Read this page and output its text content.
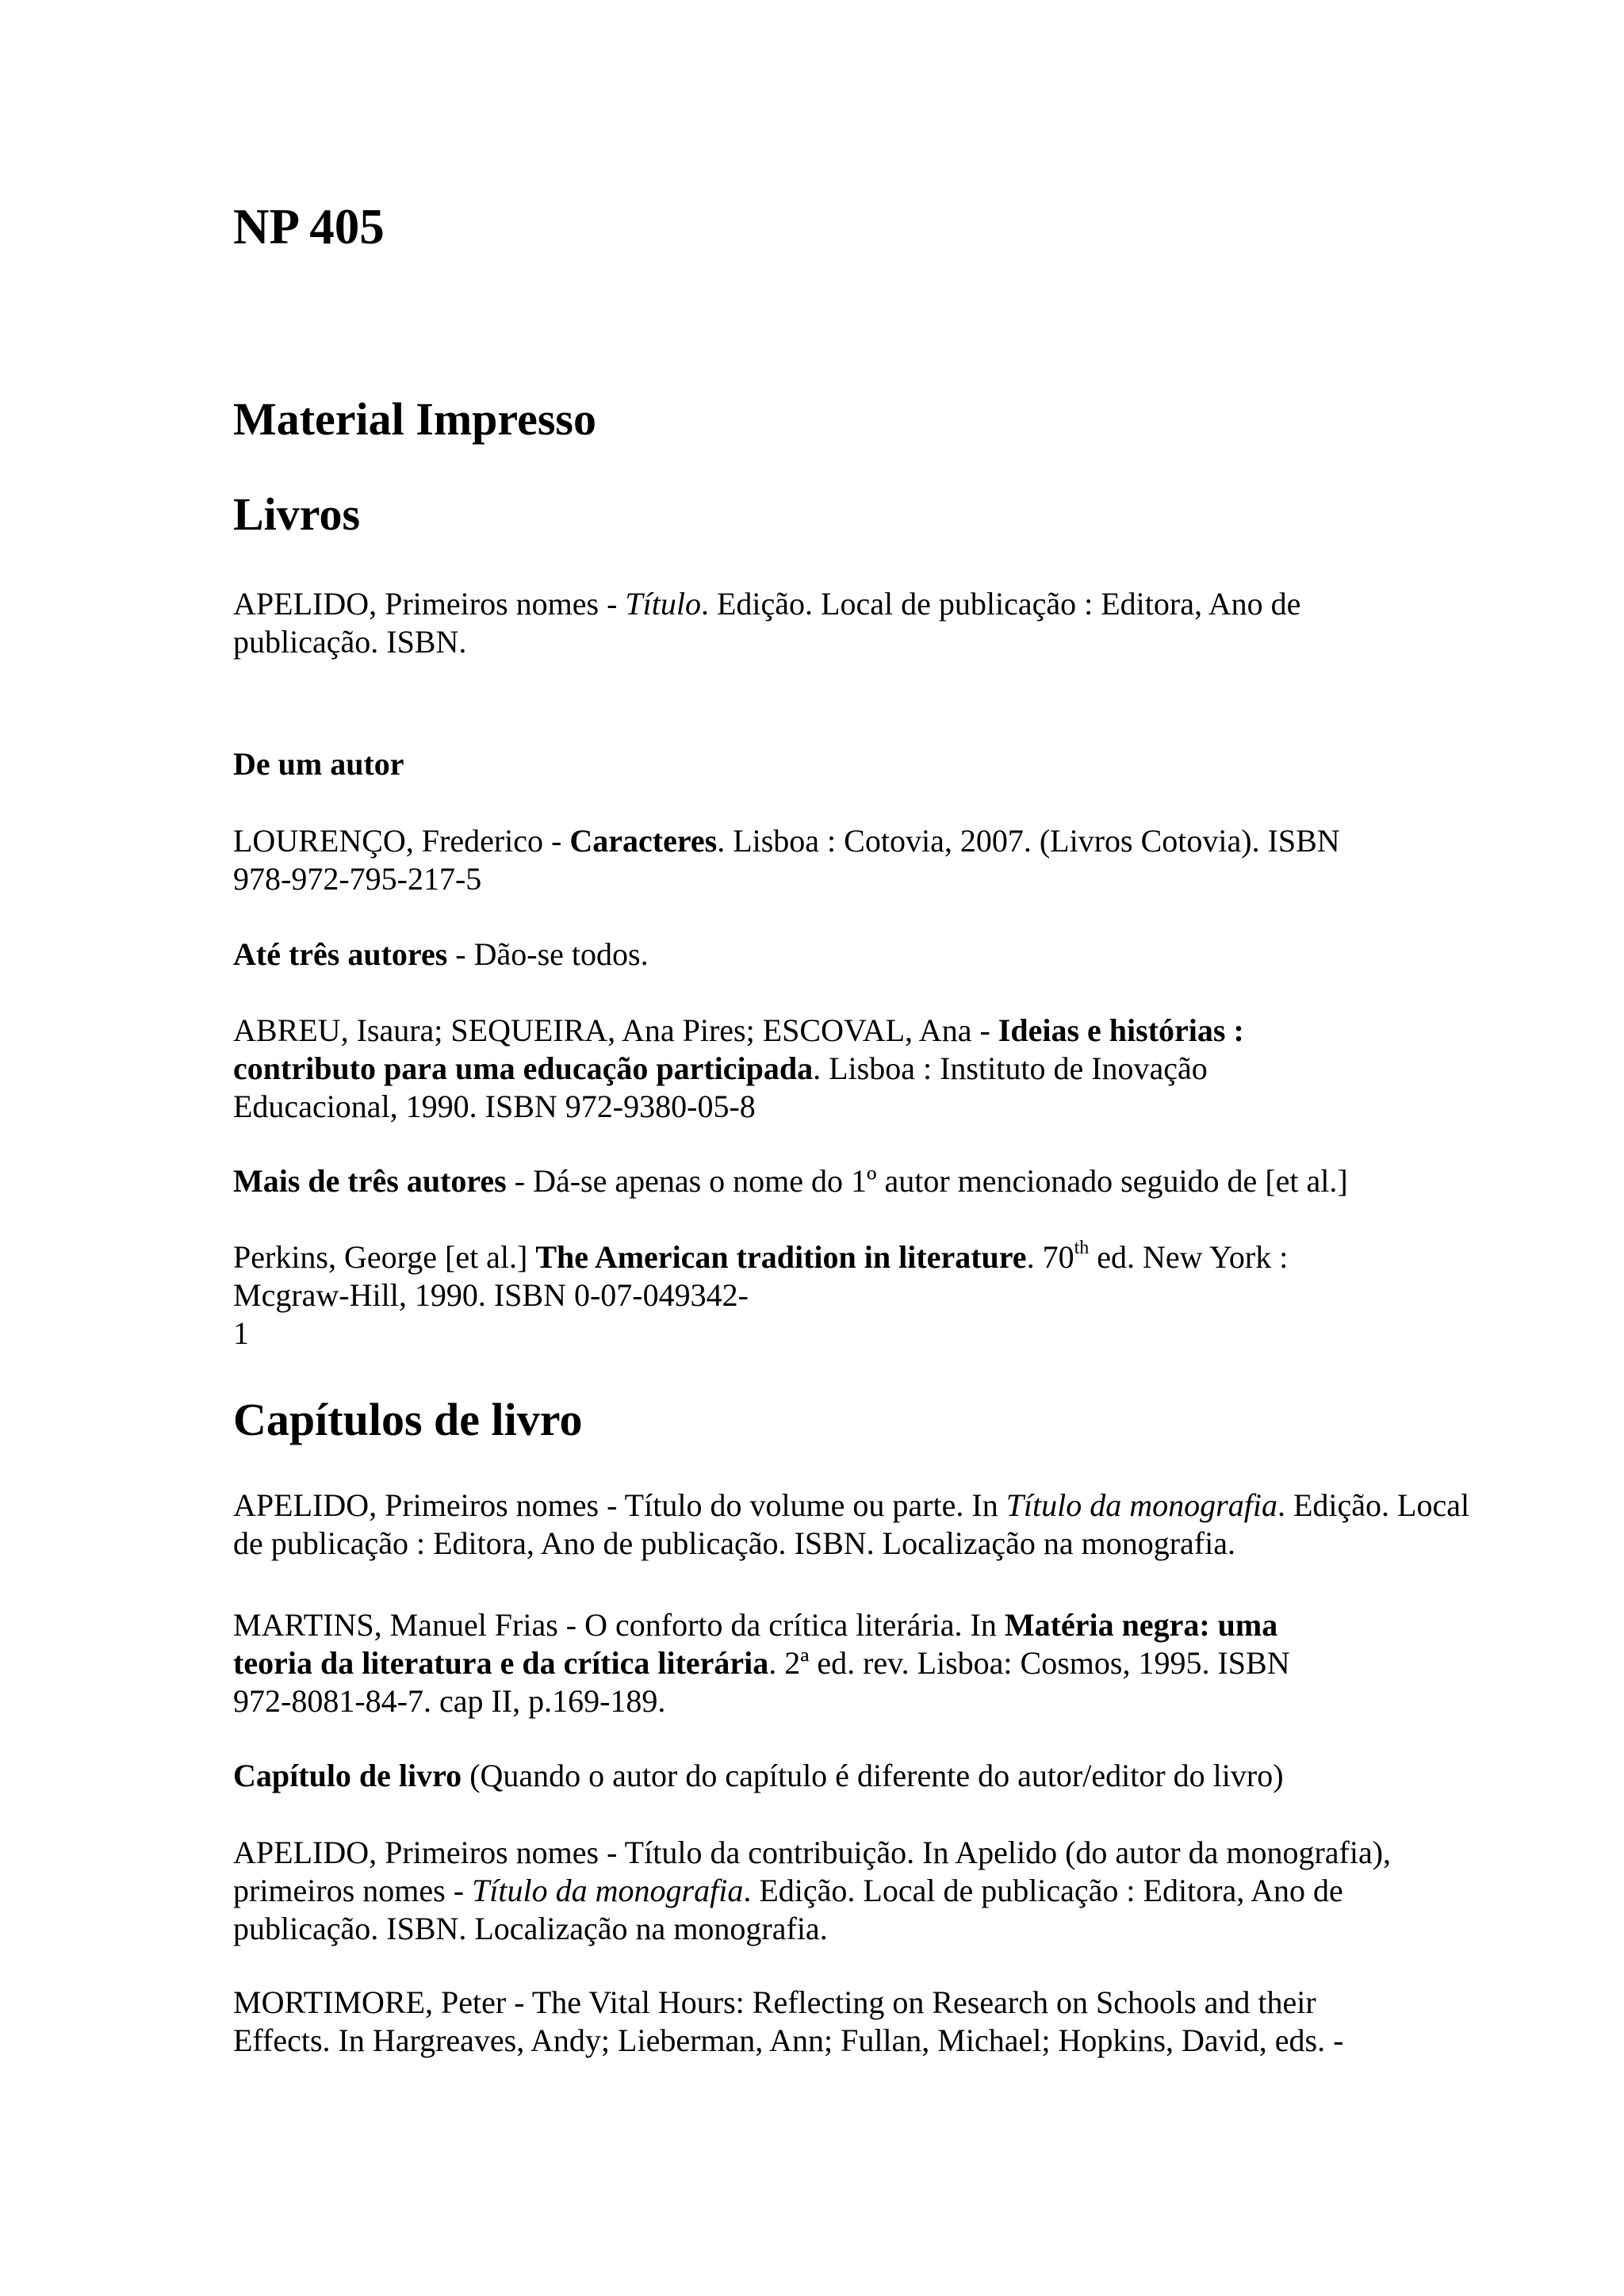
NP 405
Material Impresso
Livros
APELIDO, Primeiros nomes - Título. Edição. Local de publicação : Editora, Ano de
publicação. ISBN.
De um autor
LOURENÇO, Frederico - Caracteres. Lisboa : Cotovia, 2007. (Livros Cotovia). ISBN
978-972-795-217-5
Até três autores - Dão-se todos.
ABREU, Isaura; SEQUEIRA, Ana Pires; ESCOVAL, Ana - Ideias e histórias :
contributo para uma educação participada. Lisboa : Instituto de Inovação
Educacional, 1990. ISBN 972-9380-05-8
Mais de três autores - Dá-se apenas o nome do 1º autor mencionado seguido de [et al.]
Perkins, George [et al.] The American tradition in literature. 70th ed. New York :
Mcgraw-Hill, 1990. ISBN 0-07-049342-
1
Capítulos de livro
APELIDO, Primeiros nomes - Título do volume ou parte. In Título da monografia. Edição. Local
de publicação : Editora, Ano de publicação. ISBN. Localização na monografia.
MARTINS, Manuel Frias - O conforto da crítica literária. In Matéria negra: uma
teoria da literatura e da crítica literária. 2ª ed. rev. Lisboa: Cosmos, 1995. ISBN
972-8081-84-7. cap II, p.169-189.
Capítulo de livro (Quando o autor do capítulo é diferente do autor/editor do livro)
APELIDO, Primeiros nomes - Título da contribuição. In Apelido (do autor da monografia),
primeiros nomes - Título da monografia. Edição. Local de publicação : Editora, Ano de
publicação. ISBN. Localização na monografia.
MORTIMORE, Peter - The Vital Hours: Reflecting on Research on Schools and their
Effects. In Hargreaves, Andy; Lieberman, Ann; Fullan, Michael; Hopkins, David, eds. -
